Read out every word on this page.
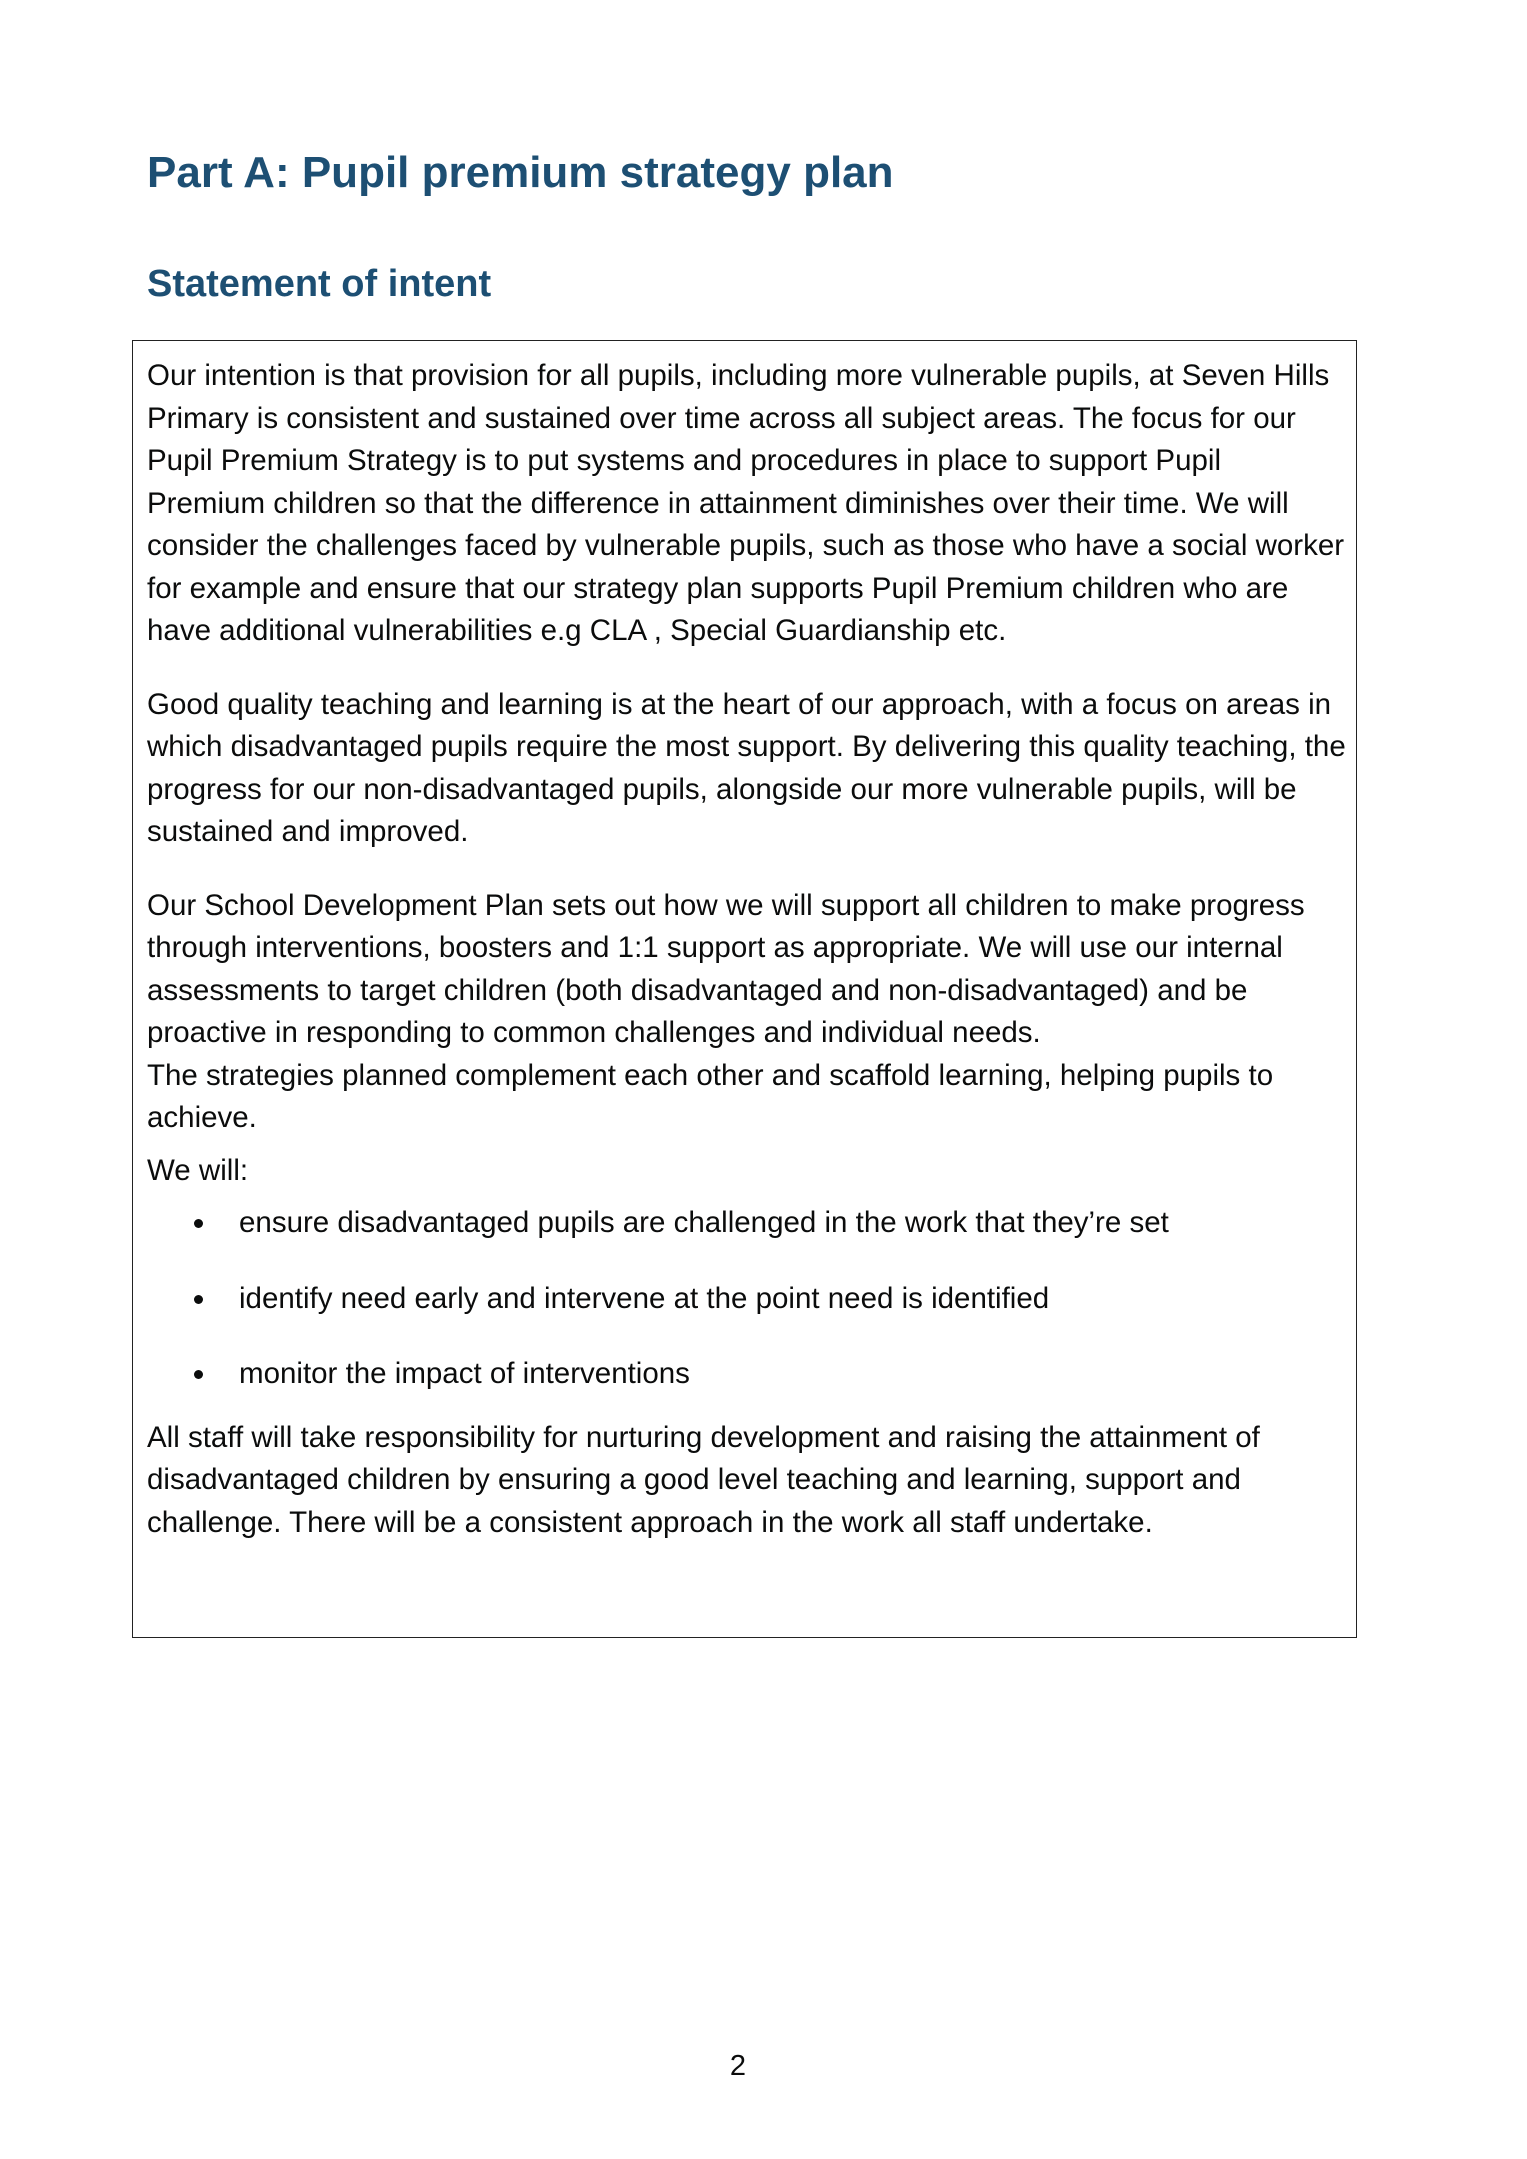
Part A: Pupil premium strategy plan
Statement of intent

Our intention is that provision for all pupils, including more vulnerable pupils, at Seven Hills Primary is consistent and sustained over time across all subject areas. The focus for our Pupil Premium Strategy is to put systems and procedures in place to support Pupil Premium children so that the difference in attainment diminishes over their time. We will consider the challenges faced by vulnerable pupils, such as those who have a social worker for example and ensure that our strategy plan supports Pupil Premium children who are have additional vulnerabilities e.g CLA , Special Guardianship etc.

Good quality teaching and learning is at the heart of our approach, with a focus on areas in which disadvantaged pupils require the most support. By delivering this quality teaching, the progress for our non-disadvantaged pupils, alongside our more vulnerable pupils, will be sustained and improved.

Our School Development Plan sets out how we will support all children to make progress through interventions, boosters and 1:1 support as appropriate. We will use our internal assessments to target children (both disadvantaged and non-disadvantaged) and be proactive in responding to common challenges and individual needs.

The strategies planned complement each other and scaffold learning, helping pupils to achieve.

We will:

ensure disadvantaged pupils are challenged in the work that they’re set
identify need early and intervene at the point need is identified
monitor the impact of interventions

All staff will take responsibility for nurturing development and raising the attainment of disadvantaged children by ensuring a good level teaching and learning, support and challenge. There will be a consistent approach in the work all staff undertake.

2
